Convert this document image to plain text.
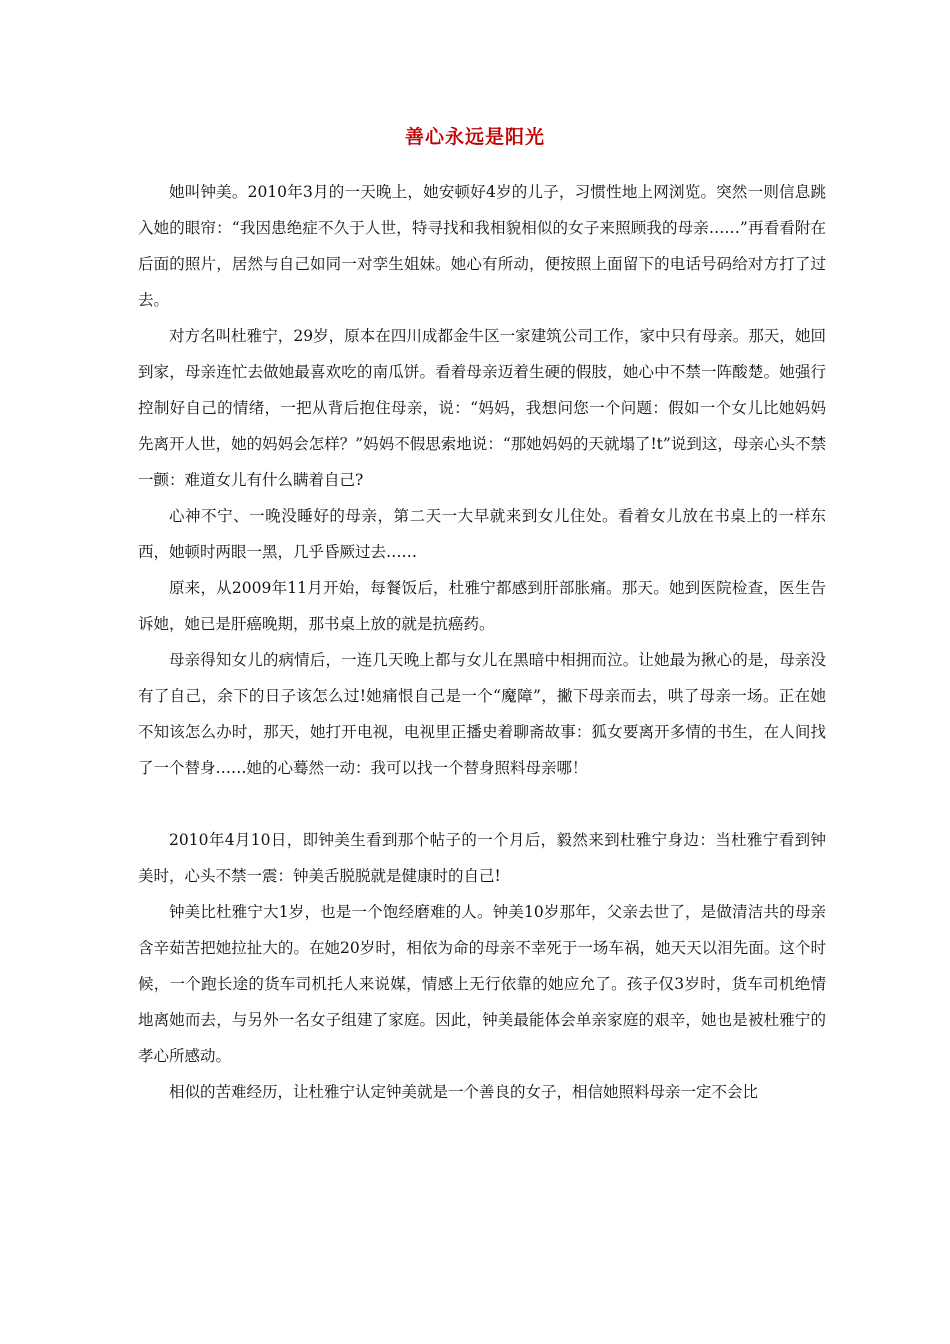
善心永远是阳光

她叫钟美。2010年3月的一天晚上，她安顿好4岁的儿子，习惯性地上网浏览。突然一则信息跳入她的眼帘：“我因患绝症不久于人世，特寻找和我相貌相似的女子来照顾我的母亲……”再看看附在后面的照片，居然与自己如同一对孪生姐妹。她心有所动，便按照上面留下的电话号码给对方打了过去。

对方名叫杜雅宁，29岁，原本在四川成都金牛区一家建筑公司工作，家中只有母亲。那天，她回到家，母亲连忙去做她最喜欢吃的南瓜饼。看着母亲迈着生硬的假肢，她心中不禁一阵酸楚。她强行控制好自己的情绪，一把从背后抱住母亲，说：“妈妈，我想问您一个问题：假如一个女儿比她妈妈先离开人世，她的妈妈会怎样？”妈妈不假思索地说：“那她妈妈的天就塌了!t”说到这，母亲心头不禁一颤：难道女儿有什么瞒着自己?

心神不宁、一晚没睡好的母亲，第二天一大早就来到女儿住处。看着女儿放在书桌上的一样东西，她顿时两眼一黑，几乎昏厥过去……

原来，从2009年11月开始，每餐饭后，杜雅宁都感到肝部胀痛。那天。她到医院检查，医生告诉她，她已是肝癌晚期，那书桌上放的就是抗癌药。

母亲得知女儿的病情后，一连几天晚上都与女儿在黑暗中相拥而泣。让她最为揪心的是，母亲没有了自己，余下的日子该怎么过!她痛恨自己是一个“魔障”，撇下母亲而去，哄了母亲一场。正在她不知该怎么办时，那天，她打开电视，电视里正播史着聊斋故事：狐女要离开多情的书生，在人间找了一个替身……她的心蓦然一动：我可以找一个替身照料母亲哪！

2010年4月10日，即钟美生看到那个帖子的一个月后，毅然来到杜雅宁身边：当杜雅宁看到钟美时，心头不禁一震：钟美舌脱脱就是健康时的自己!

钟美比杜雅宁大1岁，也是一个饱经磨难的人。钟美10岁那年，父亲去世了，是做清洁共的母亲含辛茹苦把她拉扯大的。在她20岁时，相依为命的母亲不幸死于一场车祸，她天天以泪先面。这个时候，一个跑长途的货车司机托人来说媒，情感上无行依靠的她应允了。孩子仅3岁时，货车司机绝情地离她而去，与另外一名女子组建了家庭。因此，钟美最能体会单亲家庭的艰辛，她也是被杜雅宁的孝心所感动。

相似的苦难经历，让杜雅宁认定钟美就是一个善良的女子，相信她照料母亲一定不会比
